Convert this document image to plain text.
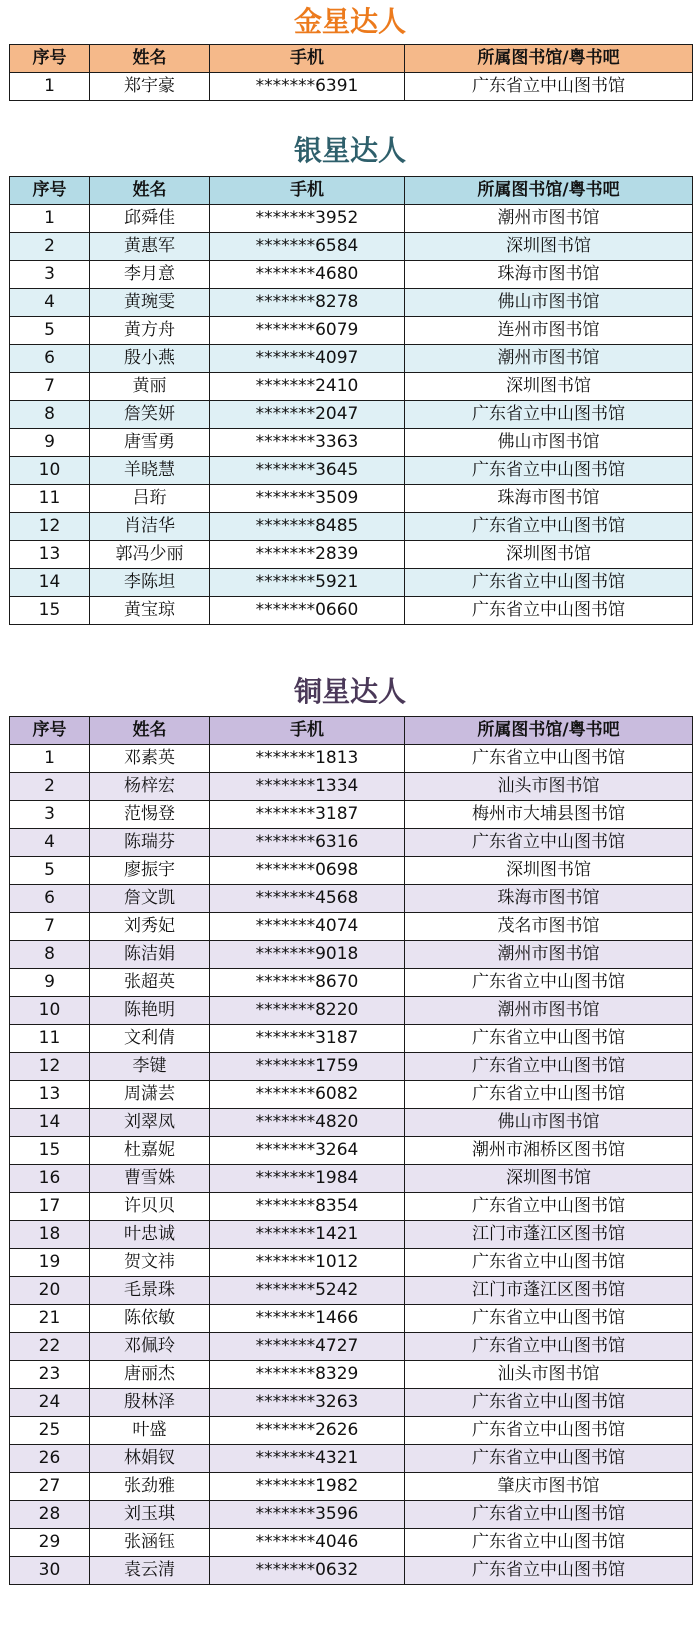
金星达人
序号	姓名	手机	所属图书馆/粤书吧
1	郑宇豪	*******6391	广东省立中山图书馆
银星达人
序号	姓名	手机	所属图书馆/粤书吧
1	邱舜佳	*******3952	潮州市图书馆
2	黄惠军	*******6584	深圳图书馆
3	李月意	*******4680	珠海市图书馆
4	黄琬雯	*******8278	佛山市图书馆
5	黄方舟	*******6079	连州市图书馆
6	殷小燕	*******4097	潮州市图书馆
7	黄丽	*******2410	深圳图书馆
8	詹笑妍	*******2047	广东省立中山图书馆
9	唐雪勇	*******3363	佛山市图书馆
10	羊晓慧	*******3645	广东省立中山图书馆
11	吕珩	*******3509	珠海市图书馆
12	肖洁华	*******8485	广东省立中山图书馆
13	郭冯少丽	*******2839	深圳图书馆
14	李陈坦	*******5921	广东省立中山图书馆
15	黄宝琼	*******0660	广东省立中山图书馆
铜星达人
序号	姓名	手机	所属图书馆/粤书吧
1	邓素英	*******1813	广东省立中山图书馆
2	杨梓宏	*******1334	汕头市图书馆
3	范惕登	*******3187	梅州市大埔县图书馆
4	陈瑞芬	*******6316	广东省立中山图书馆
5	廖振宇	*******0698	深圳图书馆
6	詹文凯	*******4568	珠海市图书馆
7	刘秀妃	*******4074	茂名市图书馆
8	陈洁娟	*******9018	潮州市图书馆
9	张超英	*******8670	广东省立中山图书馆
10	陈艳明	*******8220	潮州市图书馆
11	文利倩	*******3187	广东省立中山图书馆
12	李键	*******1759	广东省立中山图书馆
13	周潇芸	*******6082	广东省立中山图书馆
14	刘翠凤	*******4820	佛山市图书馆
15	杜嘉妮	*******3264	潮州市湘桥区图书馆
16	曹雪姝	*******1984	深圳图书馆
17	许贝贝	*******8354	广东省立中山图书馆
18	叶忠诚	*******1421	江门市蓬江区图书馆
19	贺文祎	*******1012	广东省立中山图书馆
20	毛景珠	*******5242	江门市蓬江区图书馆
21	陈依敏	*******1466	广东省立中山图书馆
22	邓佩玲	*******4727	广东省立中山图书馆
23	唐丽杰	*******8329	汕头市图书馆
24	殷林泽	*******3263	广东省立中山图书馆
25	叶盛	*******2626	广东省立中山图书馆
26	林娟钗	*******4321	广东省立中山图书馆
27	张劲雅	*******1982	肇庆市图书馆
28	刘玉琪	*******3596	广东省立中山图书馆
29	张涵钰	*******4046	广东省立中山图书馆
30	袁云清	*******0632	广东省立中山图书馆
